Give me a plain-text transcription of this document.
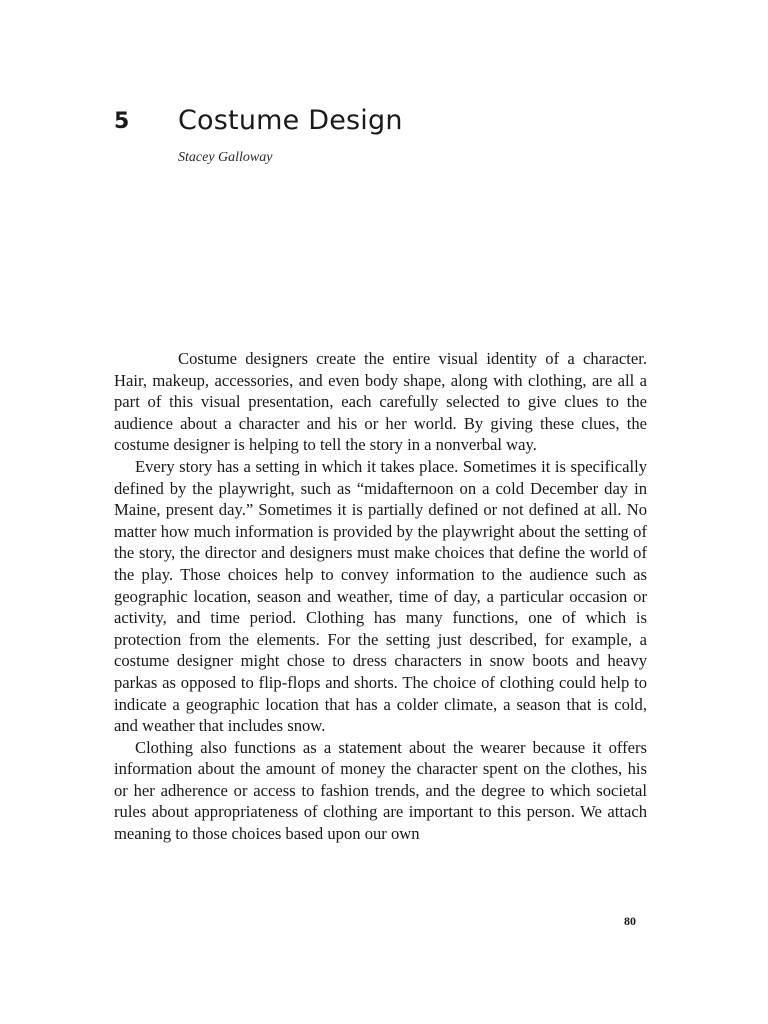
5 Costume Design
Stacey Galloway

Costume designers create the entire visual identity of a character. Hair, makeup, accessories, and even body shape, along with clothing, are all a part of this visual presentation, each carefully selected to give clues to the audience about a character and his or her world. By giving these clues, the costume designer is helping to tell the story in a nonverbal way.

Every story has a setting in which it takes place. Sometimes it is specifically defined by the playwright, such as “midafternoon on a cold December day in Maine, present day.” Sometimes it is partially defined or not defined at all. No matter how much information is provided by the playwright about the setting of the story, the director and designers must make choices that define the world of the play. Those choices help to convey information to the audience such as geographic location, season and weather, time of day, a particular occasion or activity, and time period. Clothing has many functions, one of which is protection from the elements. For the setting just described, for example, a costume designer might chose to dress characters in snow boots and heavy parkas as opposed to flip-flops and shorts. The choice of clothing could help to indicate a geographic location that has a colder climate, a season that is cold, and weather that includes snow.

Clothing also functions as a statement about the wearer because it offers information about the amount of money the character spent on the clothes, his or her adherence or access to fashion trends, and the degree to which societal rules about appropriateness of clothing are important to this person. We attach meaning to those choices based upon our own

80
